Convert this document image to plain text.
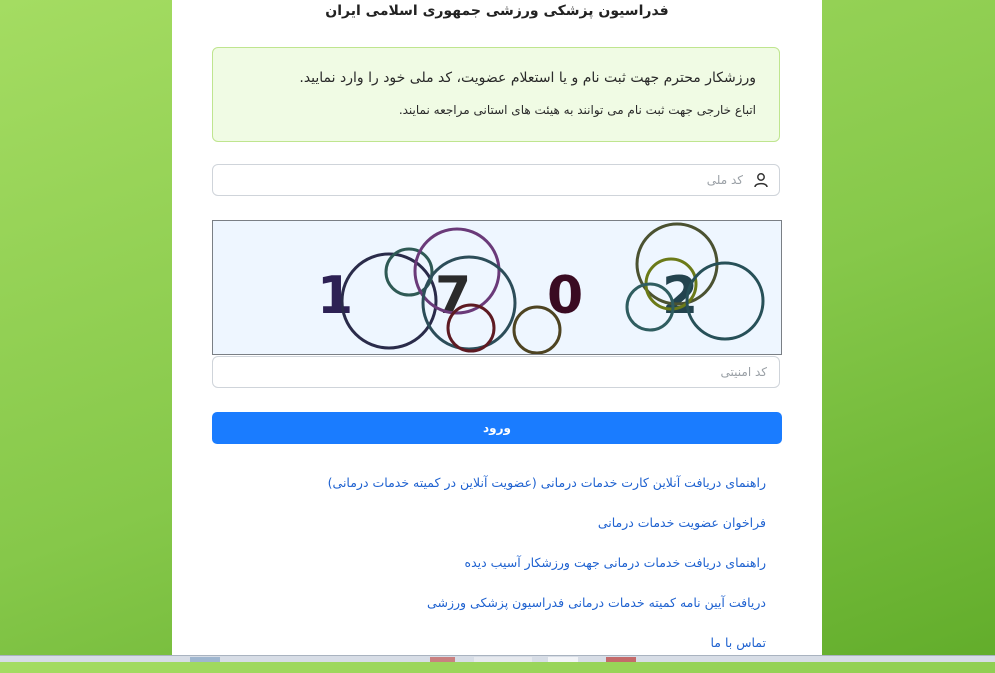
فدراسیون پزشکی ورزشی جمهوری اسلامی ایران
ورزشکار محترم جهت ثبت نام و یا استعلام عضویت، کد ملی خود را وارد نمایید.
اتباع خارجی جهت ثبت نام می توانند به هیئت های استانی مراجعه نمایند.
کد ملی
1 7 0 2
کد امنیتی
ورود
راهنمای دریافت آنلاین کارت خدمات درمانی (عضویت آنلاین در کمیته خدمات درمانی)
فراخوان عضویت خدمات درمانی
راهنمای دریافت خدمات درمانی جهت ورزشکار آسیب دیده
دریافت آیین نامه کمیته خدمات درمانی فدراسیون پزشکی ورزشی
تماس با ما
